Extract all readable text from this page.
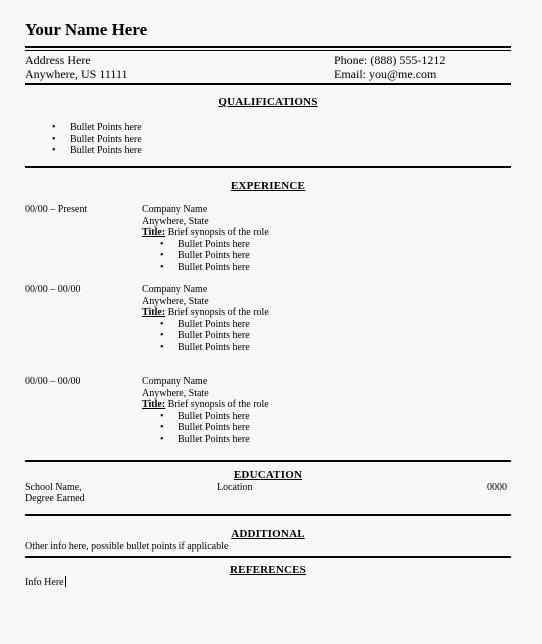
Your Name Here
Address Here
Anywhere, US 11111
Phone: (888) 555-1212
Email: you@me.com
QUALIFICATIONS
• Bullet Points here
• Bullet Points here
• Bullet Points here
EXPERIENCE
00/00 – Present	Company Name
Anywhere, State
Title: Brief synopsis of the role
• Bullet Points here
• Bullet Points here
• Bullet Points here
00/00 – 00/00	Company Name
Anywhere, State
Title: Brief synopsis of the role
• Bullet Points here
• Bullet Points here
• Bullet Points here
00/00 – 00/00	Company Name
Anywhere, State
Title: Brief synopsis of the role
• Bullet Points here
• Bullet Points here
• Bullet Points here
EDUCATION
School Name,
Degree Earned
Location	0000
ADDITIONAL
Other info here, possible bullet points if applicable
REFERENCES
Info Here
